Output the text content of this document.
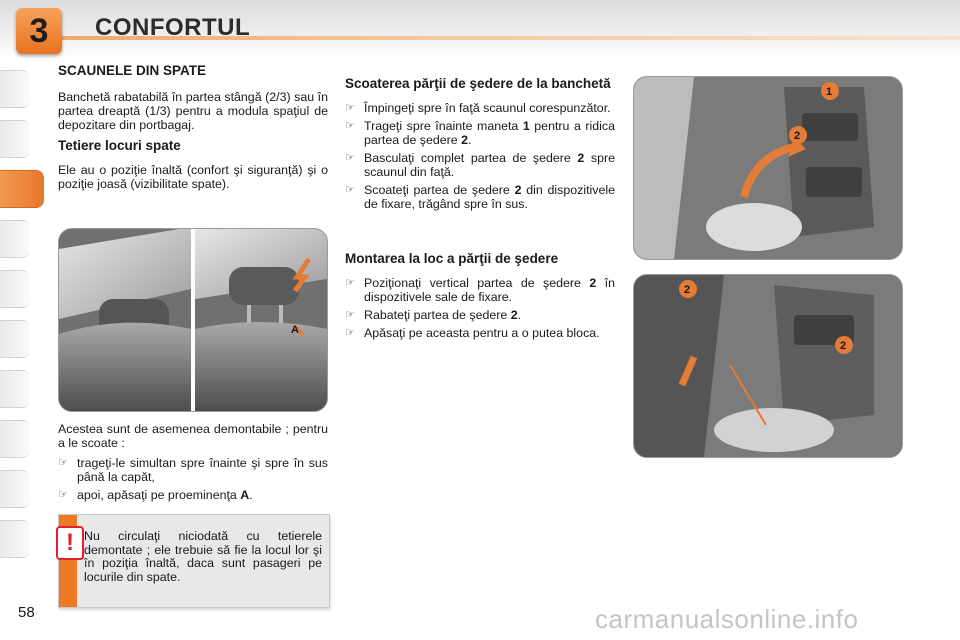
3	CONFORTUL
SCAUNELE DIN SPATE

Banchetă rabatabilă în partea stângă (2/3) sau în partea dreaptă (1/3) pentru a modula spaţiul de depozitare din portbagaj.

Tetiere locuri spate

Ele au o poziţie înaltă (confort şi siguranţă) şi o poziţie joasă (vizibilitate spate).

A

Acestea sunt de asemenea demontabile ; pentru a le scoate :

☞ trageţi-le simultan spre înainte şi spre în sus până la capăt,
☞ apoi, apăsaţi pe proeminenţa A.
! Nu circulaţi niciodată cu tetierele demontate ; ele trebuie să fie la locul lor şi în poziţia înaltă, daca sunt pasageri pe locurile din spate.
Scoaterea părţii de şedere de la banchetă
☞ Împingeţi spre în faţă scaunul corespunzător.
☞ Trageţi spre înainte maneta 1 pentru a ridica partea de şedere 2.
☞ Basculaţi complet partea de şedere 2 spre scaunul din faţă.
☞ Scoateţi partea de şedere 2 din dispozitivele de fixare, trăgând spre în sus.
Montarea la loc a părţii de şedere
☞ Poziţionaţi vertical partea de şedere 2 în dispozitivele sale de fixare.
☞ Rabateţi partea de şedere 2.
☞ Apăsaţi pe aceasta pentru a o putea bloca.
1
2
2
2
58	carmanualsonline.info
